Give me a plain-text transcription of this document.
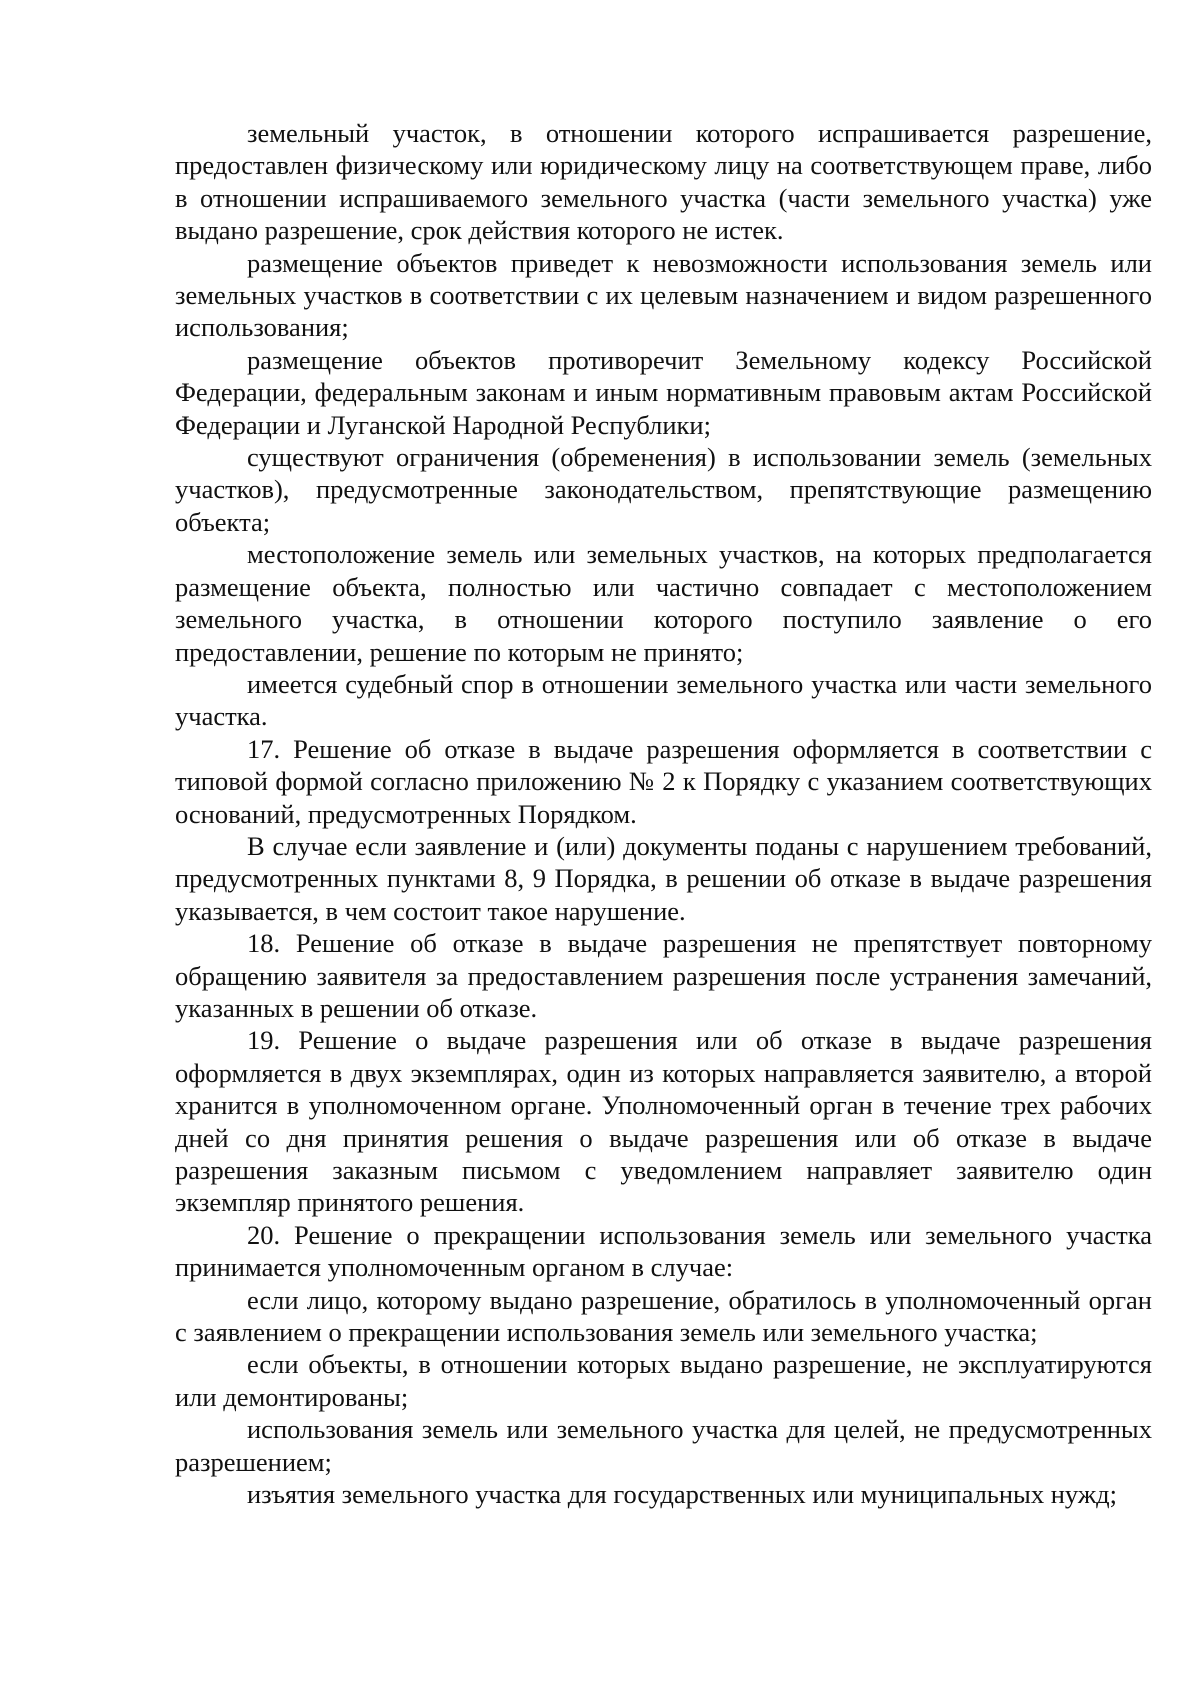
земельный участок, в отношении которого испрашивается разрешение, предоставлен физическому или юридическому лицу на соответствующем праве, либо в отношении испрашиваемого земельного участка (части земельного участка) уже выдано разрешение, срок действия которого не истек.

размещение объектов приведет к невозможности использования земель или земельных участков в соответствии с их целевым назначением и видом разрешенного использования;

размещение объектов противоречит Земельному кодексу Российской Федерации, федеральным законам и иным нормативным правовым актам Российской Федерации и Луганской Народной Республики;

существуют ограничения (обременения) в использовании земель (земельных участков), предусмотренные законодательством, препятствующие размещению объекта;

местоположение земель или земельных участков, на которых предполагается размещение объекта, полностью или частично совпадает с местоположением земельного участка, в отношении которого поступило заявление о его предоставлении, решение по которым не принято;

имеется судебный спор в отношении земельного участка или части земельного участка.

17. Решение об отказе в выдаче разрешения оформляется в соответствии с типовой формой согласно приложению № 2 к Порядку с указанием соответствующих оснований, предусмотренных Порядком.

В случае если заявление и (или) документы поданы с нарушением требований, предусмотренных пунктами 8, 9 Порядка, в решении об отказе в выдаче разрешения указывается, в чем состоит такое нарушение.

18. Решение об отказе в выдаче разрешения не препятствует повторному обращению заявителя за предоставлением разрешения после устранения замечаний, указанных в решении об отказе.

19. Решение о выдаче разрешения или об отказе в выдаче разрешения оформляется в двух экземплярах, один из которых направляется заявителю, а второй хранится в уполномоченном органе. Уполномоченный орган в течение трех рабочих дней со дня принятия решения о выдаче разрешения или об отказе в выдаче разрешения заказным письмом с уведомлением направляет заявителю один экземпляр принятого решения.

20. Решение о прекращении использования земель или земельного участка принимается уполномоченным органом в случае:

если лицо, которому выдано разрешение, обратилось в уполномоченный орган с заявлением о прекращении использования земель или земельного участка;

если объекты, в отношении которых выдано разрешение, не эксплуатируются или демонтированы;

использования земель или земельного участка для целей, не предусмотренных разрешением;

изъятия земельного участка для государственных или муниципальных нужд;
